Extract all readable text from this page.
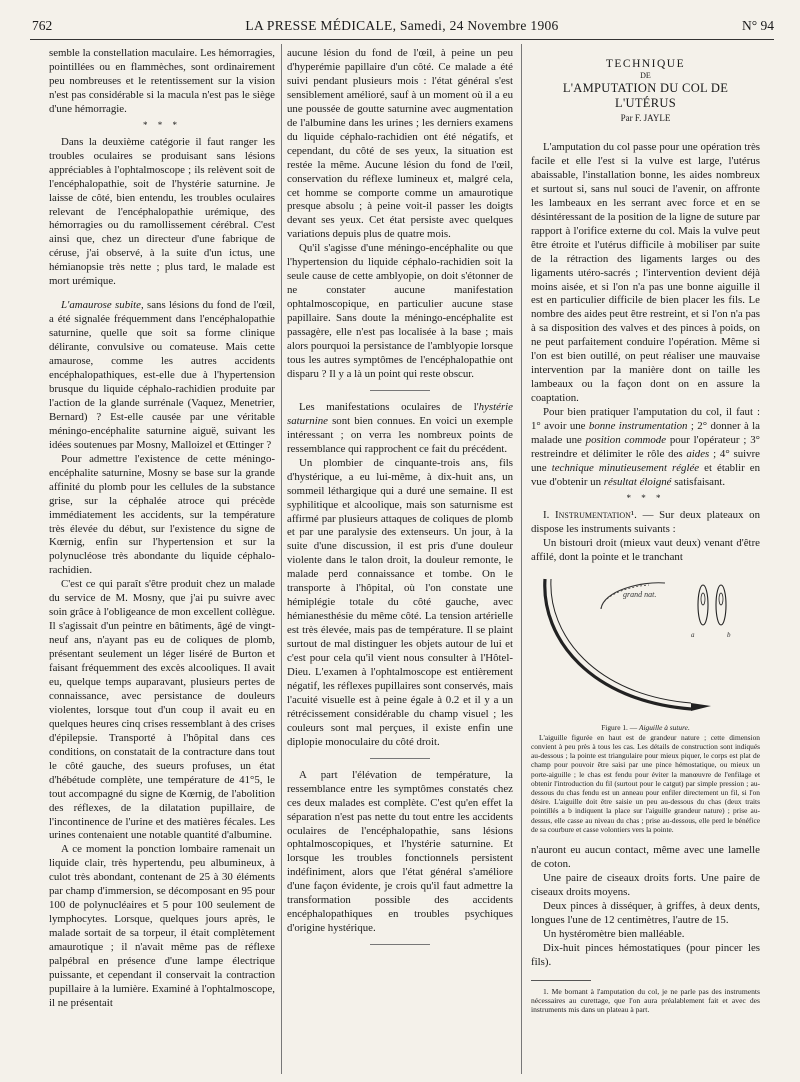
762	LA PRESSE MÉDICALE, Samedi, 24 Novembre 1906	N° 94

semble la constellation maculaire. Les hémorragies, pointillées ou en flammèches, sont ordinairement peu nombreuses et le retentissement sur la vision n'est pas considérable si la macula n'est pas le siège d'une hémorragie.

* * *

Dans la deuxième catégorie il faut ranger les troubles oculaires se produisant sans lésions appréciables à l'ophtalmoscope ; ils relèvent soit de l'encéphalopathie, soit de l'hystérie saturnine. Je laisse de côté, bien entendu, les troubles oculaires relevant de l'encéphalopathie urémique, des hémorragies ou du ramollissement cérébral. C'est ainsi que, chez un directeur d'une fabrique de céruse, j'ai observé, à la suite d'un ictus, une hémianopsie très nette ; plus tard, le malade est mort urémique.

L'amaurose subite, sans lésions du fond de l'œil, a été signalée fréquemment dans l'encéphalopathie saturnine, quelle que soit sa forme clinique délirante, convulsive ou comateuse. Mais cette amaurose, comme les autres accidents encéphalopathiques, est-elle due à l'hypertension brusque du liquide céphalo-rachidien produite par l'action de la glande surrénale (Vaquez, Menetrier, Bernard) ? Est-elle causée par une véritable méningo-encéphalite saturnine aiguë, suivant les idées soutenues par Mosny, Malloizel et Œttinger ?

Pour admettre l'existence de cette méningo-encéphalite saturnine, Mosny se base sur la grande affinité du plomb pour les cellules de la substance grise, sur la céphalée atroce qui précède immédiatement les accidents, sur la température très élevée du début, sur l'existence du signe de Kœrnig, enfin sur l'hypertension et sur la polynucléose très abondante du liquide céphalo-rachidien.

C'est ce qui paraît s'être produit chez un malade du service de M. Mosny, que j'ai pu suivre avec soin grâce à l'obligeance de mon excellent collègue. Il s'agissait d'un peintre en bâtiments, âgé de vingt-neuf ans, n'ayant pas eu de coliques de plomb, présentant seulement un léger liséré de Burton et faisant fréquemment des excès alcooliques. Il avait eu, quelque temps auparavant, plusieurs pertes de connaissance, avec persistance de douleurs violentes, lorsque tout d'un coup il avait eu en quelques heures cinq crises ressemblant à des crises d'épilepsie. Transporté à l'hôpital dans ces conditions, on constatait de la contracture dans tout le côté gauche, des sueurs profuses, un état d'hébétude complète, une température de 41°5, le tout accompagné du signe de Kœrnig, de l'abolition des réflexes, de la dilatation pupillaire, de l'incontinence de l'urine et des matières fécales. Les urines contenaient une notable quantité d'albumine.

A ce moment la ponction lombaire ramenait un liquide clair, très hypertendu, peu albumineux, à culot très abondant, contenant de 25 à 30 éléments par champ d'immersion, se décomposant en 95 pour 100 de polynucléaires et 5 pour 100 seulement de lymphocytes. Lorsque, quelques jours après, le malade sortait de sa torpeur, il était complètement amaurotique ; il n'avait même pas de réflexe palpébral en présence d'une lampe électrique puissante, et cependant il conservait la contraction pupillaire à la lumière. Examiné à l'ophtalmoscope, il ne présentait

aucune lésion du fond de l'œil, à peine un peu d'hyperémie papillaire d'un côté. Ce malade a été suivi pendant plusieurs mois : l'état général s'est sensiblement amélioré, sauf à un moment où il a eu une poussée de goutte saturnine avec augmentation de l'albumine dans les urines ; les derniers examens du liquide céphalo-rachidien ont été négatifs, et cependant, du côté de ses yeux, la situation est restée la même. Aucune lésion du fond de l'œil, conservation du réflexe lumineux et, malgré cela, cet homme se comporte comme un amaurotique presque absolu ; à peine voit-il passer les doigts devant ses yeux. Cet état persiste avec quelques variations depuis plus de quatre mois.

Qu'il s'agisse d'une méningo-encéphalite ou que l'hypertension du liquide céphalo-rachidien soit la seule cause de cette amblyopie, on doit s'étonner de ne constater aucune manifestation ophtalmoscopique, en particulier aucune stase papillaire. Sans doute la méningo-encéphalite est passagère, elle n'est pas localisée à la base ; mais alors pourquoi la persistance de l'amblyopie lorsque tous les autres symptômes de l'encéphalopathie ont disparu ? Il y a là un point qui reste obscur.

Les manifestations oculaires de l'hystérie saturnine sont bien connues. En voici un exemple intéressant ; on verra les nombreux points de ressemblance qui rapprochent ce fait du précédent.

Un plombier de cinquante-trois ans, fils d'hystérique, a eu lui-même, à dix-huit ans, un sommeil léthargique qui a duré une semaine. Il est syphilitique et alcoolique, mais son saturnisme est affirmé par plusieurs attaques de coliques de plomb et par une paralysie des extenseurs. Un jour, à la suite d'une discussion, il est pris d'une douleur violente dans le talon droit, la douleur remonte, le malade perd connaissance et tombe. On le transporte à l'hôpital, où l'on constate une hémiplégie totale du côté gauche, avec hémianesthésie du même côté. La tension artérielle est très élevée, mais pas de température. Il se plaint surtout de mal distinguer les objets autour de lui et c'est pour cela qu'il vient nous consulter à l'Hôtel-Dieu. L'examen à l'ophtalmoscope est entièrement négatif, les réflexes pupillaires sont conservés, mais l'acuité visuelle est à peine égale à 0.2 et il y a un rétrécissement considérable du champ visuel ; les couleurs sont mal perçues, il existe enfin une diplopie monoculaire du côté droit.

A part l'élévation de température, la ressemblance entre les symptômes constatés chez ces deux malades est complète. C'est qu'en effet la séparation n'est pas nette du tout entre les accidents oculaires de l'encéphalopathie, sans lésions ophtalmoscopiques, et l'hystérie saturnine. Et lorsque les troubles fonctionnels persistent indéfiniment, alors que l'état général s'améliore d'une façon évidente, je crois qu'il faut admettre la transformation possible des accidents encéphalopathiques en troubles psychiques d'origine hystérique.

TECHNIQUE
DE
L'AMPUTATION DU COL DE L'UTÉRUS
Par F. JAYLE

L'amputation du col passe pour une opération très facile et elle l'est si la vulve est large, l'utérus abaissable, l'installation bonne, les aides nombreux et surtout si, sans nul souci de l'avenir, on affronte les lambeaux en les serrant avec force et en se désintéressant de la position de la ligne de suture par rapport à l'orifice externe du col. Mais la vulve peut être étroite et l'utérus difficile à mobiliser par suite de la rétraction des ligaments larges ou des ligaments utéro-sacrés ; l'intervention devient déjà moins aisée, et si l'on n'a pas une bonne aiguille il est en particulier difficile de bien placer les fils. Le nombre des aides peut être restreint, et si l'on n'a pas à sa disposition des valves et des pinces à poids, on ne peut parfaitement conduire l'opération. Même si l'on est bien outillé, on peut réaliser une mauvaise intervention par la manière dont on taille les lambeaux ou la façon dont on en assure la coaptation.

Pour bien pratiquer l'amputation du col, il faut : 1° avoir une bonne instrumentation ; 2° donner à la malade une position commode pour l'opérateur ; 3° restreindre et délimiter le rôle des aides ; 4° suivre une technique minutieusement réglée et établir en vue d'obtenir un résultat éloigné satisfaisant.

* * *

I. Instrumentation¹. — Sur deux plateaux on dispose les instruments suivants :

Un bistouri droit (mieux vaut deux) venant d'être affilé, dont la pointe et le tranchant

grand nat.
a	b

Figure 1. — Aiguille à suture.

L'aiguille figurée en haut est de grandeur nature ; cette dimension convient à peu près à tous les cas. Les détails de construction sont indiqués au-dessous ; la pointe est triangulaire pour mieux piquer, le corps est plat de champ pour pouvoir être saisi par une pince hémostatique, ou mieux un porte-aiguille ; le chas est fendu pour éviter la manœuvre de l'enfilage et obtenir l'introduction du fil (surtout pour le catgut) par simple pression ; au-dessous du chas fendu est un anneau pour enfiler directement un fil, si l'on désire. L'aiguille doit être saisie un peu au-dessous du chas (deux traits pointillés a b indiquent la place sur l'aiguille grandeur nature) ; prise au-dessus, elle casse au niveau du chas ; prise au-dessous, elle perd le bénéfice de sa courbure et casse volontiers vers la pointe.

n'auront eu aucun contact, même avec une lamelle de coton.

Une paire de ciseaux droits forts. Une paire de ciseaux droits moyens.

Deux pinces à disséquer, à griffes, à deux dents, longues l'une de 12 centimètres, l'autre de 15.

Un hystéromètre bien malléable.

Dix-huit pinces hémostatiques (pour pincer les fils).

1. Me bornant à l'amputation du col, je ne parle pas des instruments nécessaires au curettage, que l'on aura préalablement fait et avec des instruments mis dans un plateau à part.
